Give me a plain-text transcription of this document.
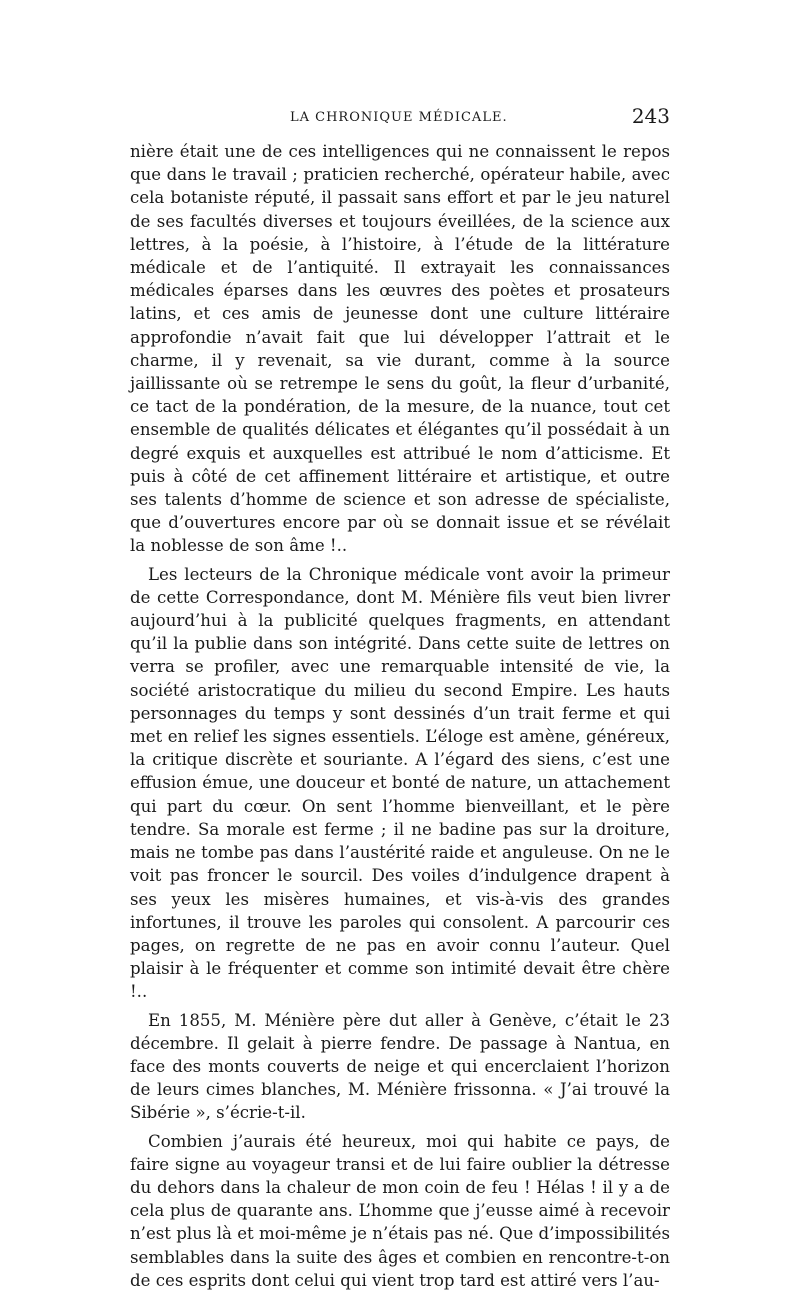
LA CHRONIQUE MÉDICALE.	243

nière était une de ces intelligences qui ne connaissent le repos que dans le travail ; praticien recherché, opérateur habile, avec cela botaniste réputé, il passait sans effort et par le jeu naturel de ses facultés diverses et toujours éveillées, de la science aux lettres, à la poésie, à l’histoire, à l’étude de la littérature médicale et de l’antiquité. Il extrayait les connaissances médicales éparses dans les œuvres des poètes et prosateurs latins, et ces amis de jeunesse dont une culture littéraire approfondie n’avait fait que lui développer l’attrait et le charme, il y revenait, sa vie durant, comme à la source jaillissante où se retrempe le sens du goût, la fleur d’urbanité, ce tact de la pondération, de la mesure, de la nuance, tout cet ensemble de qualités délicates et élégantes qu’il possédait à un degré exquis et auxquelles est attribué le nom d’atticisme. Et puis à côté de cet affinement littéraire et artistique, et outre ses talents d’homme de science et son adresse de spécialiste, que d’ouvertures encore par où se donnait issue et se révélait la noblesse de son âme !..

Les lecteurs de la Chronique médicale vont avoir la primeur de cette Correspondance, dont M. Ménière fils veut bien livrer aujourd’hui à la publicité quelques fragments, en attendant qu’il la publie dans son intégrité. Dans cette suite de lettres on verra se profiler, avec une remarquable intensité de vie, la société aristocratique du milieu du second Empire. Les hauts personnages du temps y sont dessinés d’un trait ferme et qui met en relief les signes essentiels. L’éloge est amène, généreux, la critique discrète et souriante. A l’égard des siens, c’est une effusion émue, une douceur et bonté de nature, un attachement qui part du cœur. On sent l’homme bienveillant, et le père tendre. Sa morale est ferme ; il ne badine pas sur la droiture, mais ne tombe pas dans l’austérité raide et anguleuse. On ne le voit pas froncer le sourcil. Des voiles d’indulgence drapent à ses yeux les misères humaines, et vis-à-vis des grandes infortunes, il trouve les paroles qui consolent. A parcourir ces pages, on regrette de ne pas en avoir connu l’auteur. Quel plaisir à le fréquenter et comme son intimité devait être chère !..

En 1855, M. Ménière père dut aller à Genève, c’était le 23 décembre. Il gelait à pierre fendre. De passage à Nantua, en face des monts couverts de neige et qui encerclaient l’horizon de leurs cimes blanches, M. Ménière frissonna. « J’ai trouvé la Sibérie », s’écrie-t-il.

Combien j’aurais été heureux, moi qui habite ce pays, de faire signe au voyageur transi et de lui faire oublier la détresse du dehors dans la chaleur de mon coin de feu ! Hélas ! il y a de cela plus de quarante ans. L’homme que j’eusse aimé à recevoir n’est plus là et moi-même je n’étais pas né. Que d’impossibilités semblables dans la suite des âges et combien en rencontre-t-on de ces esprits dont celui qui vient trop tard est attiré vers l’au-
